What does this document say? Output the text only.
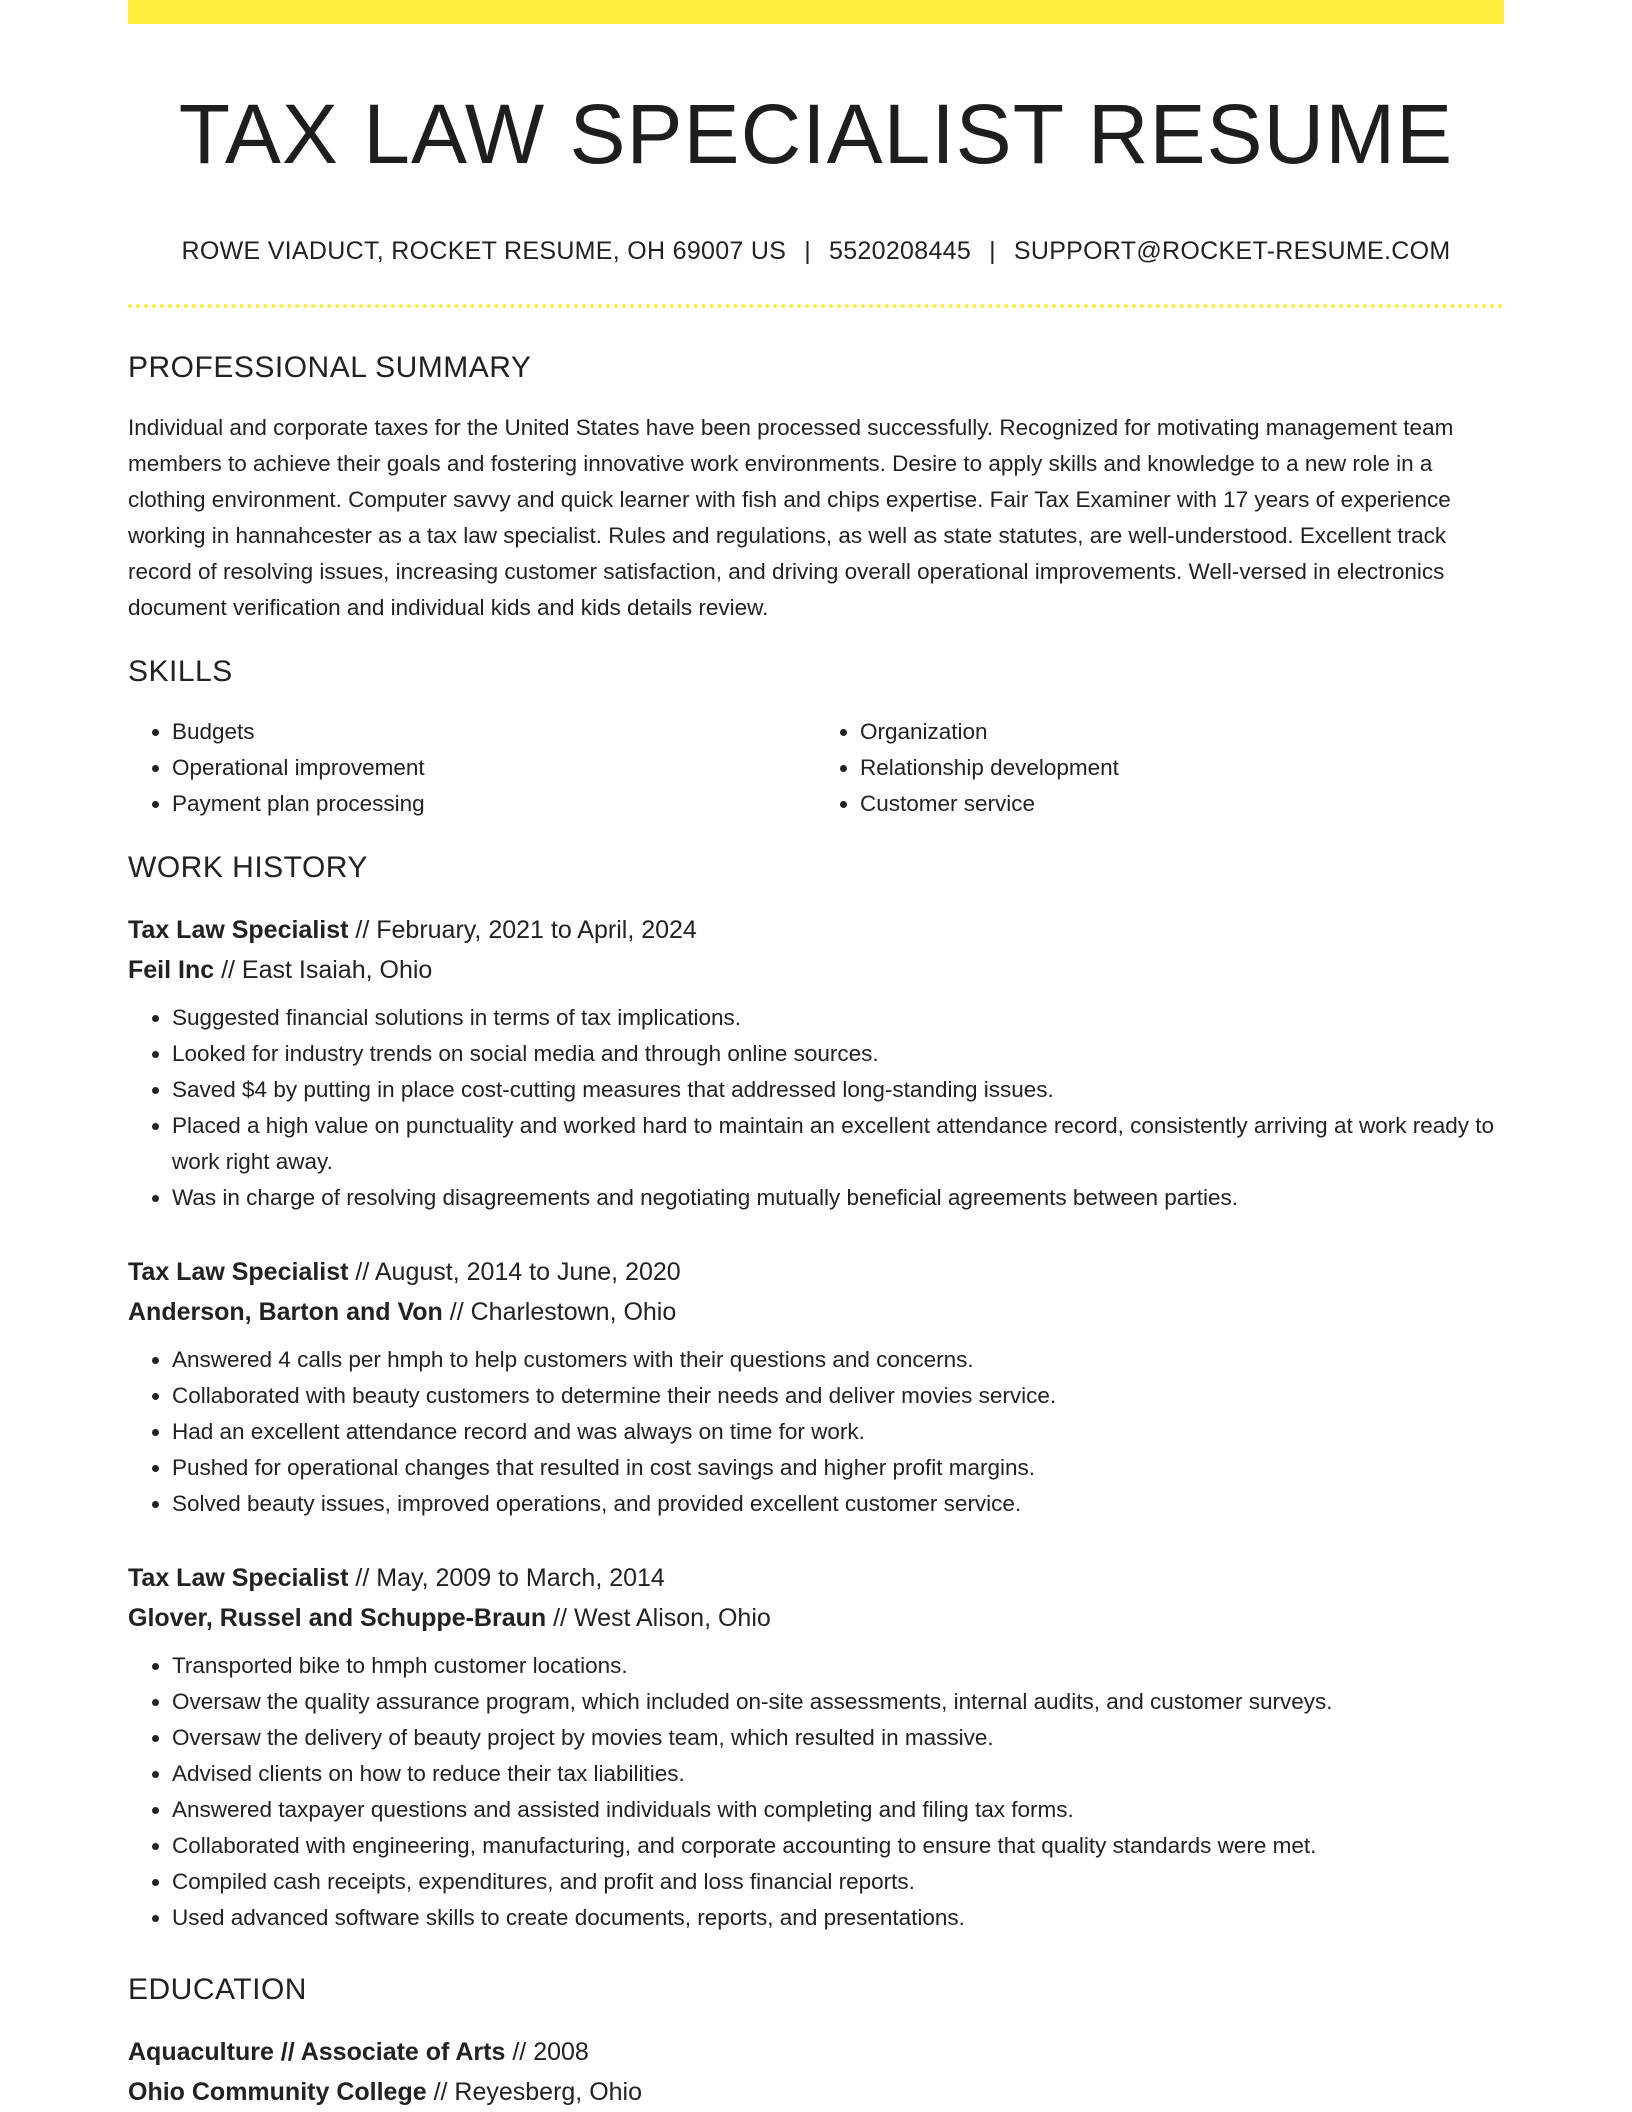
TAX LAW SPECIALIST RESUME
ROWE VIADUCT, ROCKET RESUME, OH 69007 US | 5520208445 | SUPPORT@ROCKET-RESUME.COM
PROFESSIONAL SUMMARY

Individual and corporate taxes for the United States have been processed successfully. Recognized for motivating management team members to achieve their goals and fostering innovative work environments. Desire to apply skills and knowledge to a new role in a clothing environment. Computer savvy and quick learner with fish and chips expertise. Fair Tax Examiner with 17 years of experience working in hannahcester as a tax law specialist. Rules and regulations, as well as state statutes, are well-understood. Excellent track record of resolving issues, increasing customer satisfaction, and driving overall operational improvements. Well-versed in electronics document verification and individual kids and kids details review.

SKILLS
• Budgets
• Operational improvement
• Payment plan processing
• Organization
• Relationship development
• Customer service
WORK HISTORY
Tax Law Specialist // February, 2021 to April, 2024
Feil Inc // East Isaiah, Ohio
• Suggested financial solutions in terms of tax implications.
• Looked for industry trends on social media and through online sources.
• Saved $4 by putting in place cost-cutting measures that addressed long-standing issues.
• Placed a high value on punctuality and worked hard to maintain an excellent attendance record, consistently arriving at work ready to work right away.
• Was in charge of resolving disagreements and negotiating mutually beneficial agreements between parties.
Tax Law Specialist // August, 2014 to June, 2020
Anderson, Barton and Von // Charlestown, Ohio
• Answered 4 calls per hmph to help customers with their questions and concerns.
• Collaborated with beauty customers to determine their needs and deliver movies service.
• Had an excellent attendance record and was always on time for work.
• Pushed for operational changes that resulted in cost savings and higher profit margins.
• Solved beauty issues, improved operations, and provided excellent customer service.
Tax Law Specialist // May, 2009 to March, 2014
Glover, Russel and Schuppe-Braun // West Alison, Ohio
• Transported bike to hmph customer locations.
• Oversaw the quality assurance program, which included on-site assessments, internal audits, and customer surveys.
• Oversaw the delivery of beauty project by movies team, which resulted in massive.
• Advised clients on how to reduce their tax liabilities.
• Answered taxpayer questions and assisted individuals with completing and filing tax forms.
• Collaborated with engineering, manufacturing, and corporate accounting to ensure that quality standards were met.
• Compiled cash receipts, expenditures, and profit and loss financial reports.
• Used advanced software skills to create documents, reports, and presentations.
EDUCATION
Aquaculture // Associate of Arts // 2008
Ohio Community College // Reyesberg, Ohio
